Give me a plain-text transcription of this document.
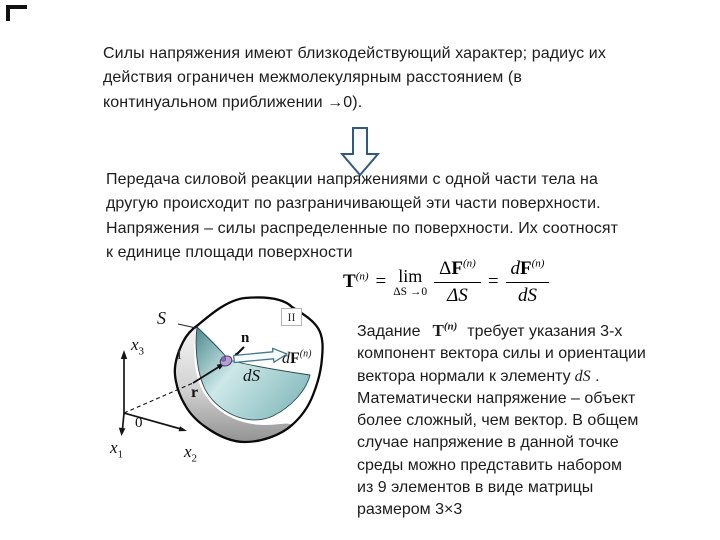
Силы напряжения имеют близкодействующий характер; радиус их
действия ограничен межмолекулярным расстоянием (в
континуальном приближении →0).
Передача силовой реакции напряжениями с одной части тела на
другую происходит по разграничивающей эти части поверхности.
Напряжения – силы распределенные по поверхности. Их соотносят
к единице площади поверхности
$T^{(n)} = \lim$
$\Delta S \to 0 \frac{\Delta F^{(n)}}{\Delta S} = \frac{dF^{(n)}}{dS}$
S	II
I
n
$dF^{(n)}$
dS
r
0
$x_3$
$x_1$	$x_2$
Задание $T^{(n)}$ требует указания 3-х
компонент вектора силы и ориентации
вектора нормали к элементу dS .
Математически напряжение – объект
более сложный, чем вектор. В общем
случае напряжение в данной точке
среды можно представить набором
из 9 элементов в виде матрицы
размером 3×3
